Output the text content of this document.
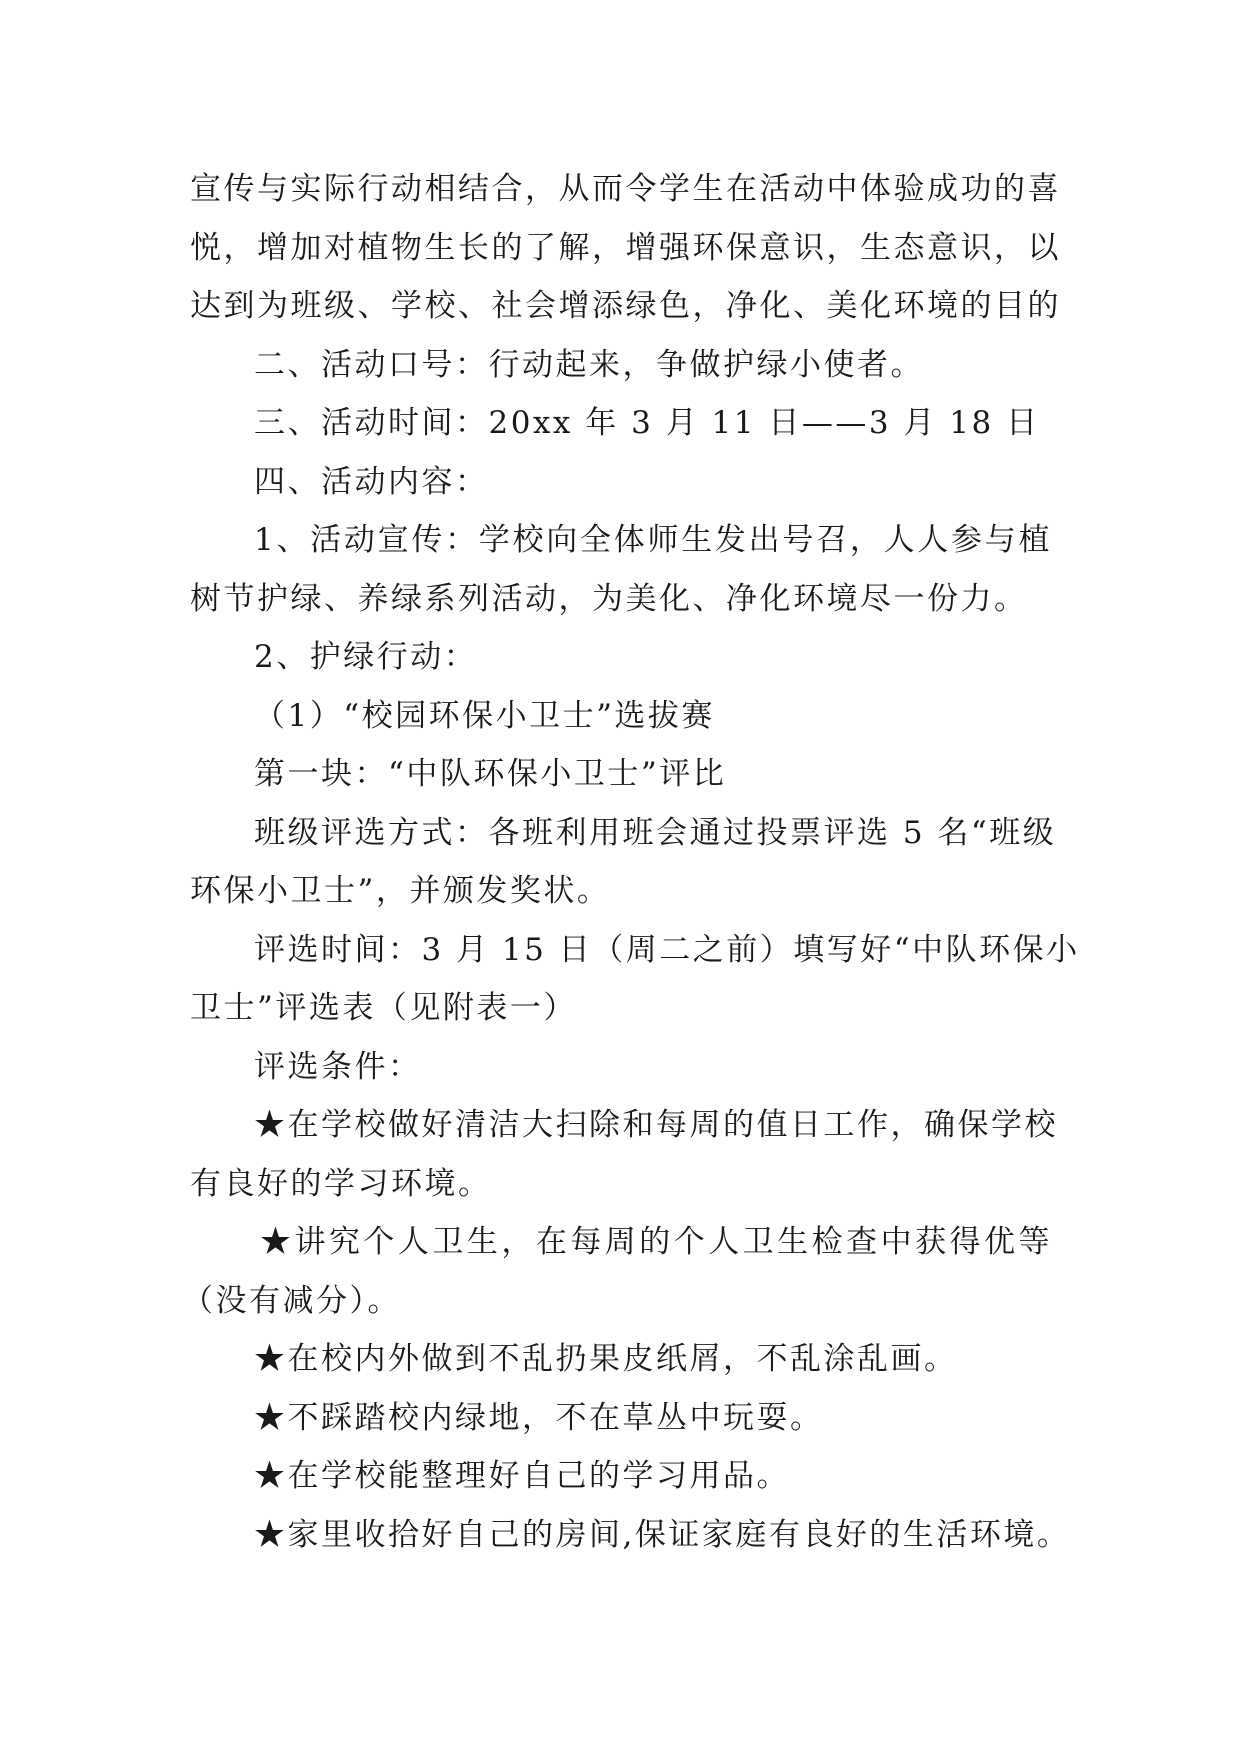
宣传与实际行动相结合，从而令学生在活动中体验成功的喜
悦，增加对植物生长的了解，增强环保意识，生态意识，以
达到为班级、学校、社会增添绿色，净化、美化环境的目的
二、活动口号：行动起来，争做护绿小使者。
三、活动时间：20xx 年 3 月 11 日——3 月 18 日
四、活动内容：
1、活动宣传：学校向全体师生发出号召，人人参与植
树节护绿、养绿系列活动，为美化、净化环境尽一份力。
2、护绿行动：
（1）“校园环保小卫士”选拔赛
第一块：“中队环保小卫士”评比
班级评选方式：各班利用班会通过投票评选 5 名“班级
环保小卫士”，并颁发奖状。
评选时间：3 月 15 日（周二之前）填写好“中队环保小
卫士”评选表（见附表一）
评选条件：
★在学校做好清洁大扫除和每周的值日工作，确保学校
有良好的学习环境。
★讲究个人卫生，在每周的个人卫生检查中获得优等
（没有减分）。
★在校内外做到不乱扔果皮纸屑，不乱涂乱画。
★不踩踏校内绿地，不在草丛中玩耍。
★在学校能整理好自己的学习用品。
★家里收拾好自己的房间,保证家庭有良好的生活环境。
